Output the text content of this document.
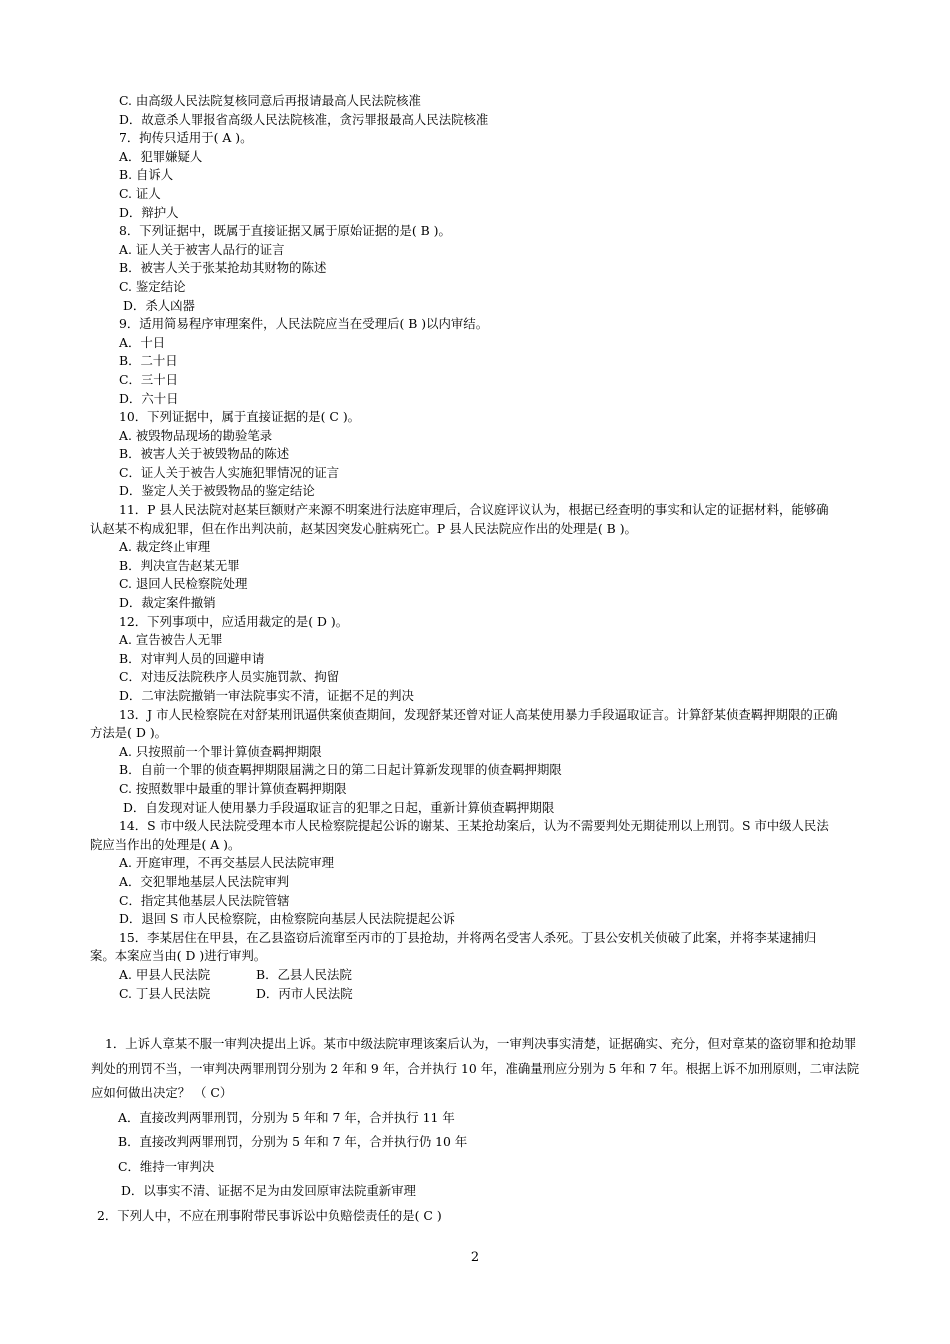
C. 由高级人民法院复核同意后再报请最高人民法院核准
D．故意杀人罪报省高级人民法院核准，贪污罪报最高人民法院核准
7．拘传只适用于( A )。
A．犯罪嫌疑人
B. 自诉人
C. 证人
D．辩护人
8．下列证据中，既属于直接证据又属于原始证据的是( B )。
A. 证人关于被害人品行的证言
B．被害人关于张某抢劫其财物的陈述
C. 鉴定结论
D．杀人凶器
9．适用简易程序审理案件，人民法院应当在受理后( B )以内审结。
A．十日
B．二十日
C．三十日
D．六十日
10．下列证据中，属于直接证据的是( C )。
A. 被毁物品现场的勘验笔录
B．被害人关于被毁物品的陈述
C．证人关于被告人实施犯罪情况的证言
D．鉴定人关于被毁物品的鉴定结论
11．P 县人民法院对赵某巨额财产来源不明案进行法庭审理后，合议庭评议认为，根据已经查明的事实和认定的证据材料，能够确认赵某不构成犯罪，但在作出判决前，赵某因突发心脏病死亡。P 县人民法院应作出的处理是( B )。
A. 裁定终止审理
B．判决宣告赵某无罪
C. 退回人民检察院处理
D．裁定案件撤销
12．下列事项中，应适用裁定的是( D )。
A. 宣告被告人无罪
B．对审判人员的回避申请
C．对违反法院秩序人员实施罚款、拘留
D．二审法院撤销一审法院事实不清，证据不足的判决
13．J 市人民检察院在对舒某刑讯逼供案侦查期间，发现舒某还曾对证人高某使用暴力手段逼取证言。计算舒某侦查羁押期限的正确方法是( D )。
A. 只按照前一个罪计算侦查羁押期限
B．自前一个罪的侦查羁押期限届满之日的第二日起计算新发现罪的侦查羁押期限
C. 按照数罪中最重的罪计算侦查羁押期限
D．自发现对证人使用暴力手段逼取证言的犯罪之日起，重新计算侦查羁押期限
14．S 市中级人民法院受理本市人民检察院提起公诉的谢某、王某抢劫案后，认为不需要判处无期徒刑以上刑罚。S 市中级人民法院应当作出的处理是( A )。
A. 开庭审理，不再交基层人民法院审理
A．交犯罪地基层人民法院审判
C．指定其他基层人民法院管辖
D．退回 S 市人民检察院，由检察院向基层人民法院提起公诉
15．李某居住在甲县，在乙县盗窃后流窜至丙市的丁县抢劫，并将两名受害人杀死。丁县公安机关侦破了此案，并将李某逮捕归案。本案应当由( D )进行审判。
A. 甲县人民法院	B．乙县人民法院
C. 丁县人民法院	D．丙市人民法院
1．上诉人章某不服一审判决提出上诉。某市中级法院审理该案后认为，一审判决事实清楚，证据确实、充分，但对章某的盗窃罪和抢劫罪判处的刑罚不当，一审判决两罪刑罚分别为 2 年和 9 年，合并执行 10 年，准确量刑应分别为 5 年和 7 年。根据上诉不加刑原则，二审法院应如何做出决定？ （ C）
A．直接改判两罪刑罚，分别为 5 年和 7 年，合并执行 11 年
B．直接改判两罪刑罚，分别为 5 年和 7 年，合并执行仍 10 年
C．维持一审判决
D．以事实不清、证据不足为由发回原审法院重新审理
2．下列人中，不应在刑事附带民事诉讼中负赔偿责任的是( C )
2
